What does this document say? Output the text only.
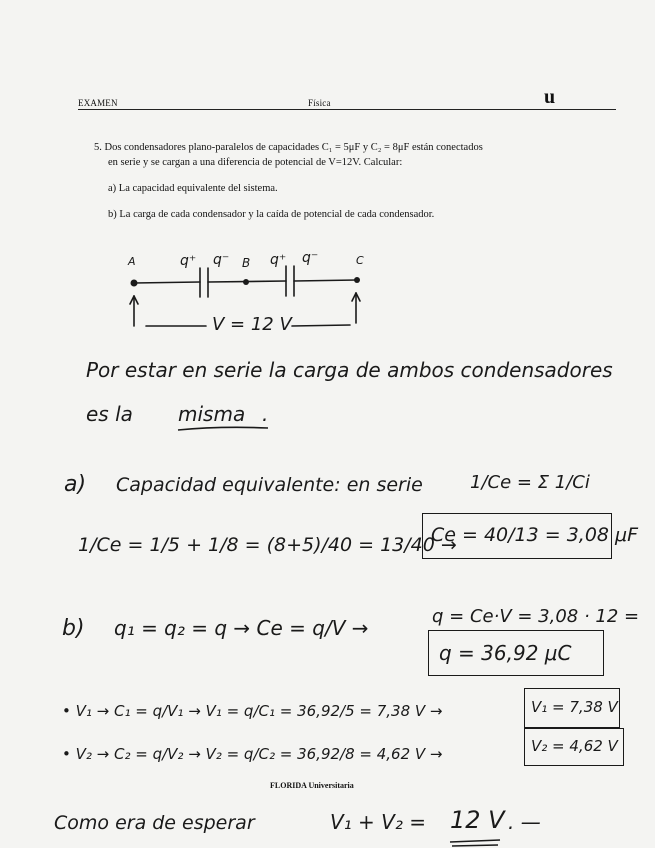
EXAMEN	Física	u
5. Dos condensadores plano-paralelos de capacidades C₁ = 5μF y C₂ = 8μF están conectados
en serie y se cargan a una diferencia de potencial de V=12V. Calcular:
a) La capacidad equivalente del sistema.
b) La carga de cada condensador y la caída de potencial de cada condensador.
A	B	C
q⁺ q⁻	q⁺ q⁻
V = 12 V
Por estar en serie la carga de ambos condensadores
es la misma .
a) Capacidad equivalente: en serie	1/Ce = Σ 1/Ci
1/Ce = 1/5 + 1/8 = (8+5)/40 = 13/40 →
Ce = 40/13 = 3,08 μF
b) q₁ = q₂ = q → Ce = q/V →	q = Ce·V = 3,08 · 12 =
q = 36,92 μC
• V₁ → C₁ = q/V₁ → V₁ = q/C₁ = 36,92/5 = 7,38 V →	V₁ = 7,38 V
• V₂ → C₂ = q/V₂ → V₂ = q/C₂ = 36,92/8 = 4,62 V →	V₂ = 4,62 V
FLORIDA Universitaria
Como era de esperar	V₁ + V₂ = 12 V . —
